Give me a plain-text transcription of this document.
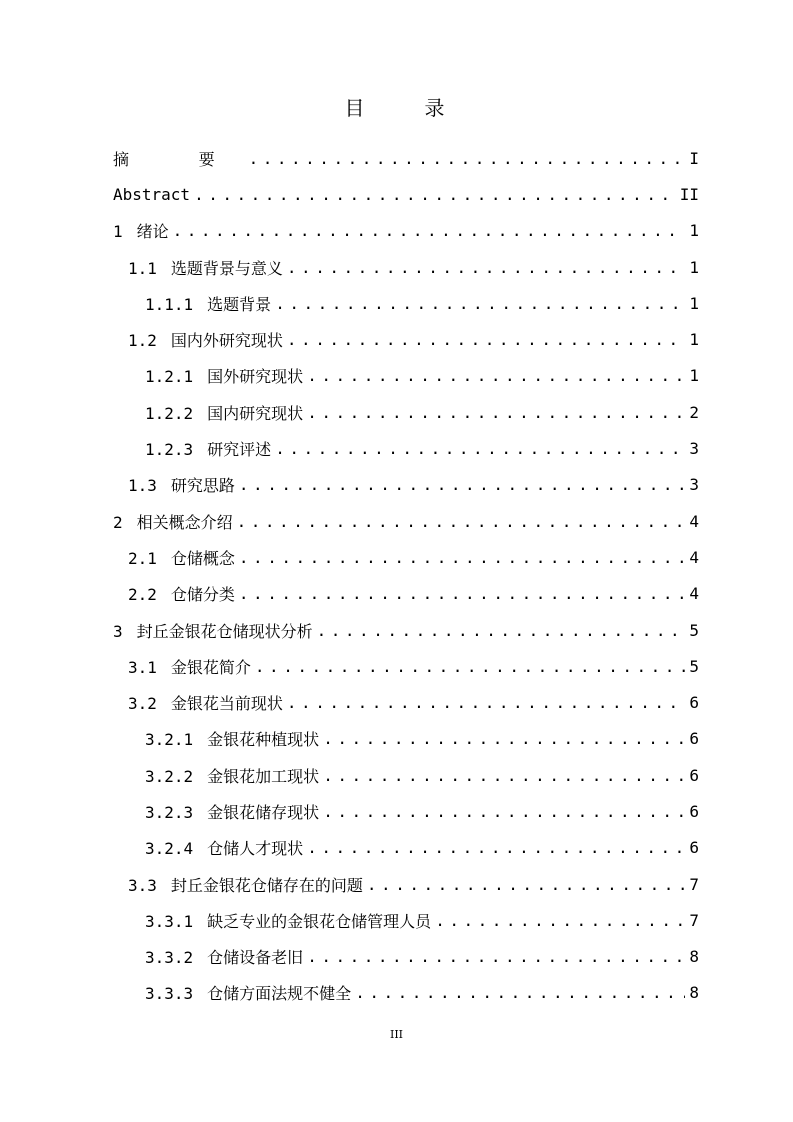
目 录
摘 要 .....	I
Abstract .....	II
1 绪论 .....	1
1.1 选题背景与意义 .....	1
1.1.1 选题背景 .....	1
1.2 国内外研究现状 .....	1
1.2.1 国外研究现状 .....	1
1.2.2 国内研究现状 .....	2
1.2.3 研究评述 .....	3
1.3 研究思路 .....	3
2 相关概念介绍 .....	4
2.1 仓储概念 .....	4
2.2 仓储分类 .....	4
3 封丘金银花仓储现状分析 .....	5
3.1 金银花简介 .....	5
3.2 金银花当前现状 .....	6
3.2.1 金银花种植现状 .....	6
3.2.2 金银花加工现状 .....	6
3.2.3 金银花储存现状 .....	6
3.2.4 仓储人才现状 .....	6
3.3 封丘金银花仓储存在的问题 .....	7
3.3.1 缺乏专业的金银花仓储管理人员 .....	7
3.3.2 仓储设备老旧 .....	8
3.3.3 仓储方面法规不健全 .....	8
III
